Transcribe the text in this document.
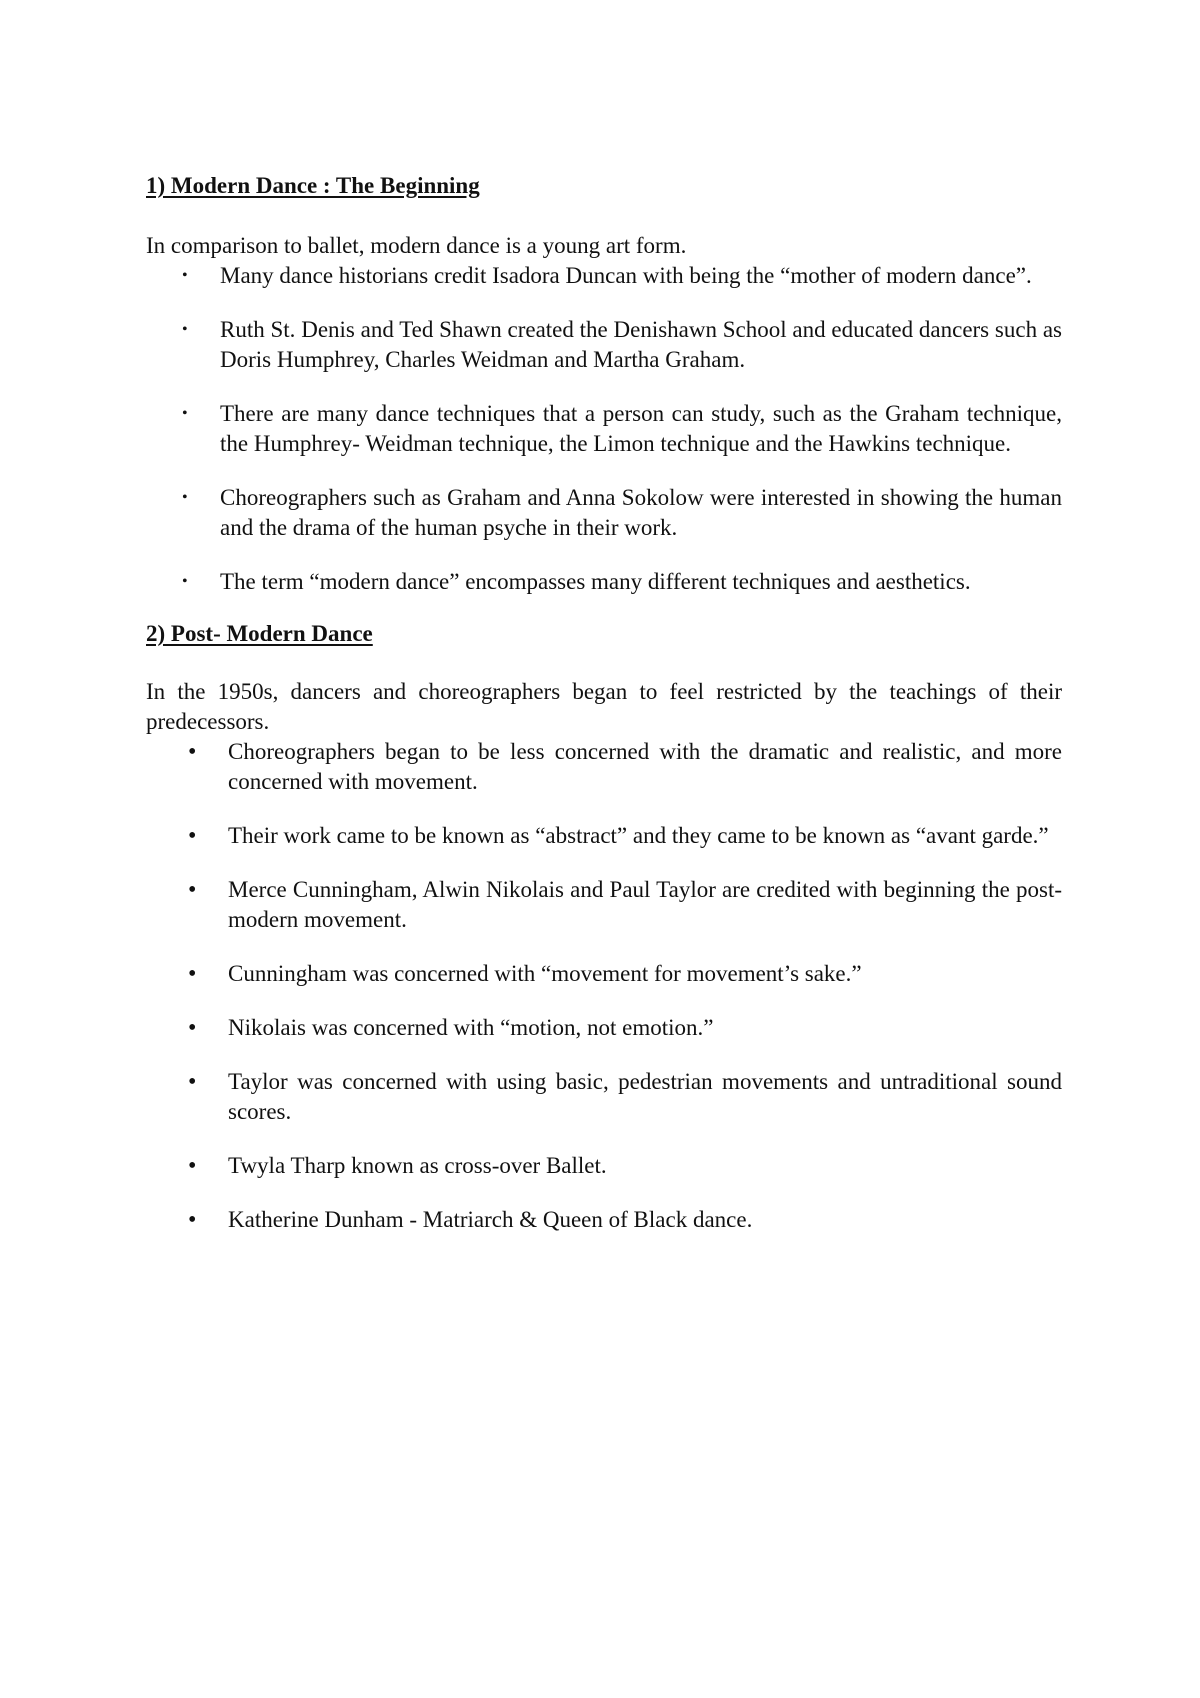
1) Modern Dance : The Beginning

In comparison to ballet, modern dance is a young art form.

• Many dance historians credit Isadora Duncan with being the “mother of modern dance”.
• Ruth St. Denis and Ted Shawn created the Denishawn School and educated dancers such as Doris Humphrey, Charles Weidman and Martha Graham.
• There are many dance techniques that a person can study, such as the Graham technique, the Humphrey- Weidman technique, the Limon technique and the Hawkins technique.
• Choreographers such as Graham and Anna Sokolow were interested in showing the human and the drama of the human psyche in their work.
• The term “modern dance” encompasses many different techniques and aesthetics.
2) Post- Modern Dance

In the 1950s, dancers and choreographers began to feel restricted by the teachings of their predecessors.

• Choreographers began to be less concerned with the dramatic and realistic, and more concerned with movement.
• Their work came to be known as “abstract” and they came to be known as “avant garde.”
• Merce Cunningham, Alwin Nikolais and Paul Taylor are credited with beginning the post-modern movement.
• Cunningham was concerned with “movement for movement’s sake.”
• Nikolais was concerned with “motion, not emotion.”
• Taylor was concerned with using basic, pedestrian movements and untraditional sound scores.
• Twyla Tharp known as cross-over Ballet.
• Katherine Dunham - Matriarch & Queen of Black dance.
